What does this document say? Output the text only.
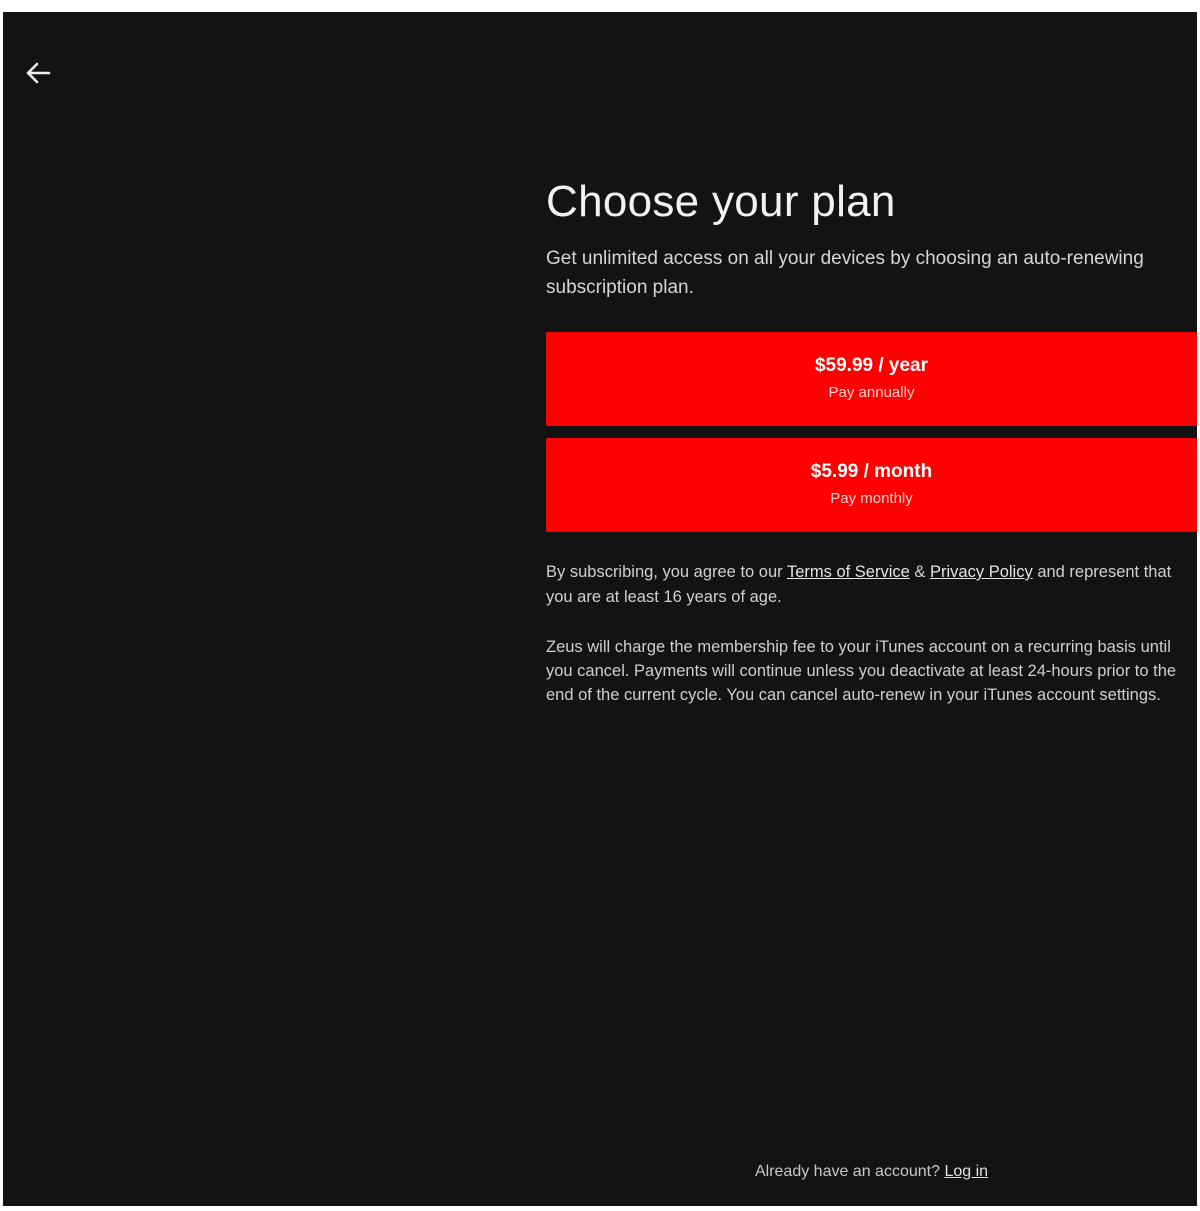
Choose your plan

Get unlimited access on all your devices by choosing an auto-renewing subscription plan.

$59.99 / year
Pay annually
$5.99 / month
Pay monthly

By subscribing, you agree to our Terms of Service & Privacy Policy and represent that you are at least 16 years of age.

Zeus will charge the membership fee to your iTunes account on a recurring basis until you cancel. Payments will continue unless you deactivate at least 24-hours prior to the end of the current cycle. You can cancel auto-renew in your iTunes account settings.

Already have an account? Log in
